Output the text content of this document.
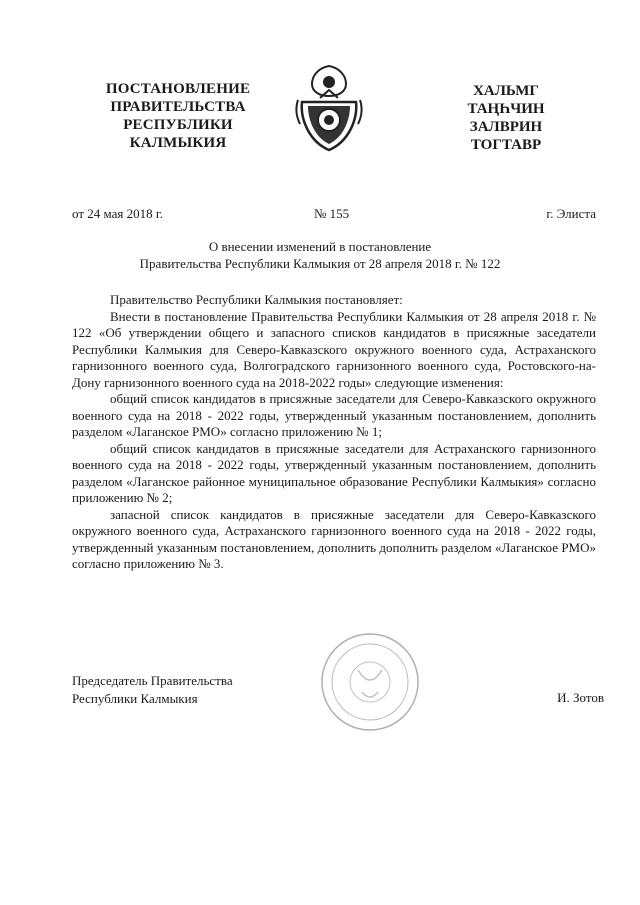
ПОСТАНОВЛЕНИЕ
ПРАВИТЕЛЬСТВА
РЕСПУБЛИКИ
КАЛМЫКИЯ
ХАЛЬМГ
ТАҢҺЧИН
ЗАЛВРИН
ТОГТАВР
от 24 мая 2018 г.	№ 155	г. Элиста
О внесении изменений в постановление
Правительства Республики Калмыкия от 28 апреля 2018 г. № 122

Правительство Республики Калмыкия постановляет:

Внести в постановление Правительства Республики Калмыкия от 28 апреля 2018 г. № 122 «Об утверждении общего и запасного списков кандидатов в присяжные заседатели Республики Калмыкия для Северо-Кавказского окружного военного суда, Астраханского гарнизонного военного суда, Волгоградского гарнизонного военного суда, Ростовского-на-Дону гарнизонного военного суда на 2018-2022 годы» следующие изменения:

общий список кандидатов в присяжные заседатели для Северо-Кавказского окружного военного суда на 2018 - 2022 годы, утвержденный указанным постановлением, дополнить разделом «Лаганское РМО» согласно приложению № 1;

общий список кандидатов в присяжные заседатели для Астраханского гарнизонного военного суда на 2018 - 2022 годы, утвержденный указанным постановлением, дополнить разделом «Лаганское районное муниципальное образование Республики Калмыкия» согласно приложению № 2;

запасной список кандидатов в присяжные заседатели для Северо-Кавказского окружного военного суда, Астраханского гарнизонного военного суда на 2018 - 2022 годы, утвержденный указанным постановлением, дополнить дополнить разделом «Лаганское РМО» согласно приложению № 3.

Председатель Правительства
Республики Калмыкия	И. Зотов
